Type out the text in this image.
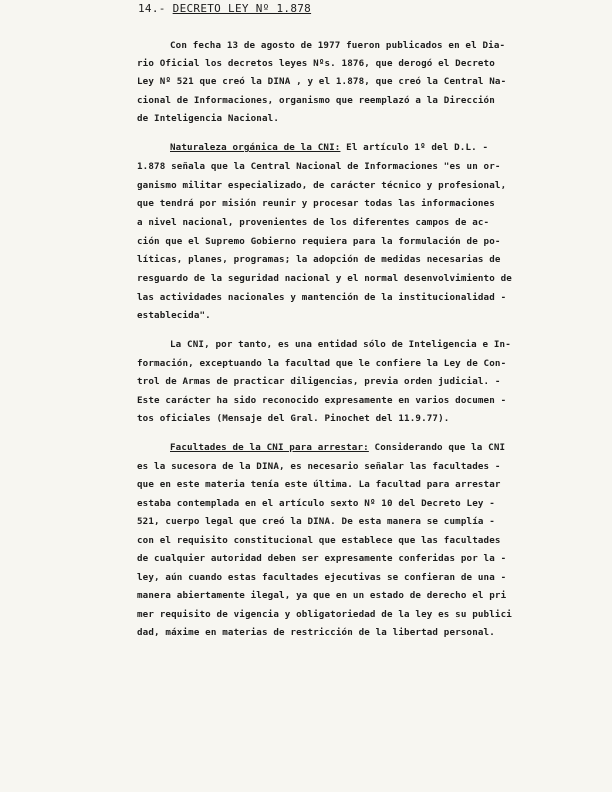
14.- DECRETO LEY Nº 1.878
Con fecha 13 de agosto de 1977 fueron publicados en el Dia-
rio Oficial los decretos leyes Nºs. 1876, que derogó el Decreto
Ley Nº 521 que creó la DINA , y el 1.878, que creó la Central Na-
cional de Informaciones, organismo que reemplazó a la Dirección
de Inteligencia Nacional.
Naturaleza orgánica de la CNI: El artículo 1º del D.L. -
1.878 señala que la Central Nacional de Informaciones "es un or-
ganismo militar especializado, de carácter técnico y profesional,
que tendrá por misión reunir y procesar todas las informaciones
a nivel nacional, provenientes de los diferentes campos de ac-
ción que el Supremo Gobierno requiera para la formulación de po-
líticas, planes, programas; la adopción de medidas necesarias de
resguardo de la seguridad nacional y el normal desenvolvimiento de
las actividades nacionales y mantención de la institucionalidad -
establecida".
La CNI, por tanto, es una entidad sólo de Inteligencia e In-
formación, exceptuando la facultad que le confiere la Ley de Con-
trol de Armas de practicar diligencias, previa orden judicial. -
Este carácter ha sido reconocido expresamente en varios documen -
tos oficiales (Mensaje del Gral. Pinochet del 11.9.77).
Facultades de la CNI para arrestar: Considerando que la CNI
es la sucesora de la DINA, es necesario señalar las facultades -
que en este materia tenía este última. La facultad para arrestar
estaba contemplada en el artículo sexto Nº 10 del Decreto Ley -
521, cuerpo legal que creó la DINA. De esta manera se cumplía -
con el requisito constitucional que establece que las facultades
de cualquier autoridad deben ser expresamente conferidas por la -
ley, aún cuando estas facultades ejecutivas se confieran de una -
manera abiertamente ilegal, ya que en un estado de derecho el pri
mer requisito de vigencia y obligatoriedad de la ley es su publici
dad, máxime en materias de restricción de la libertad personal.
